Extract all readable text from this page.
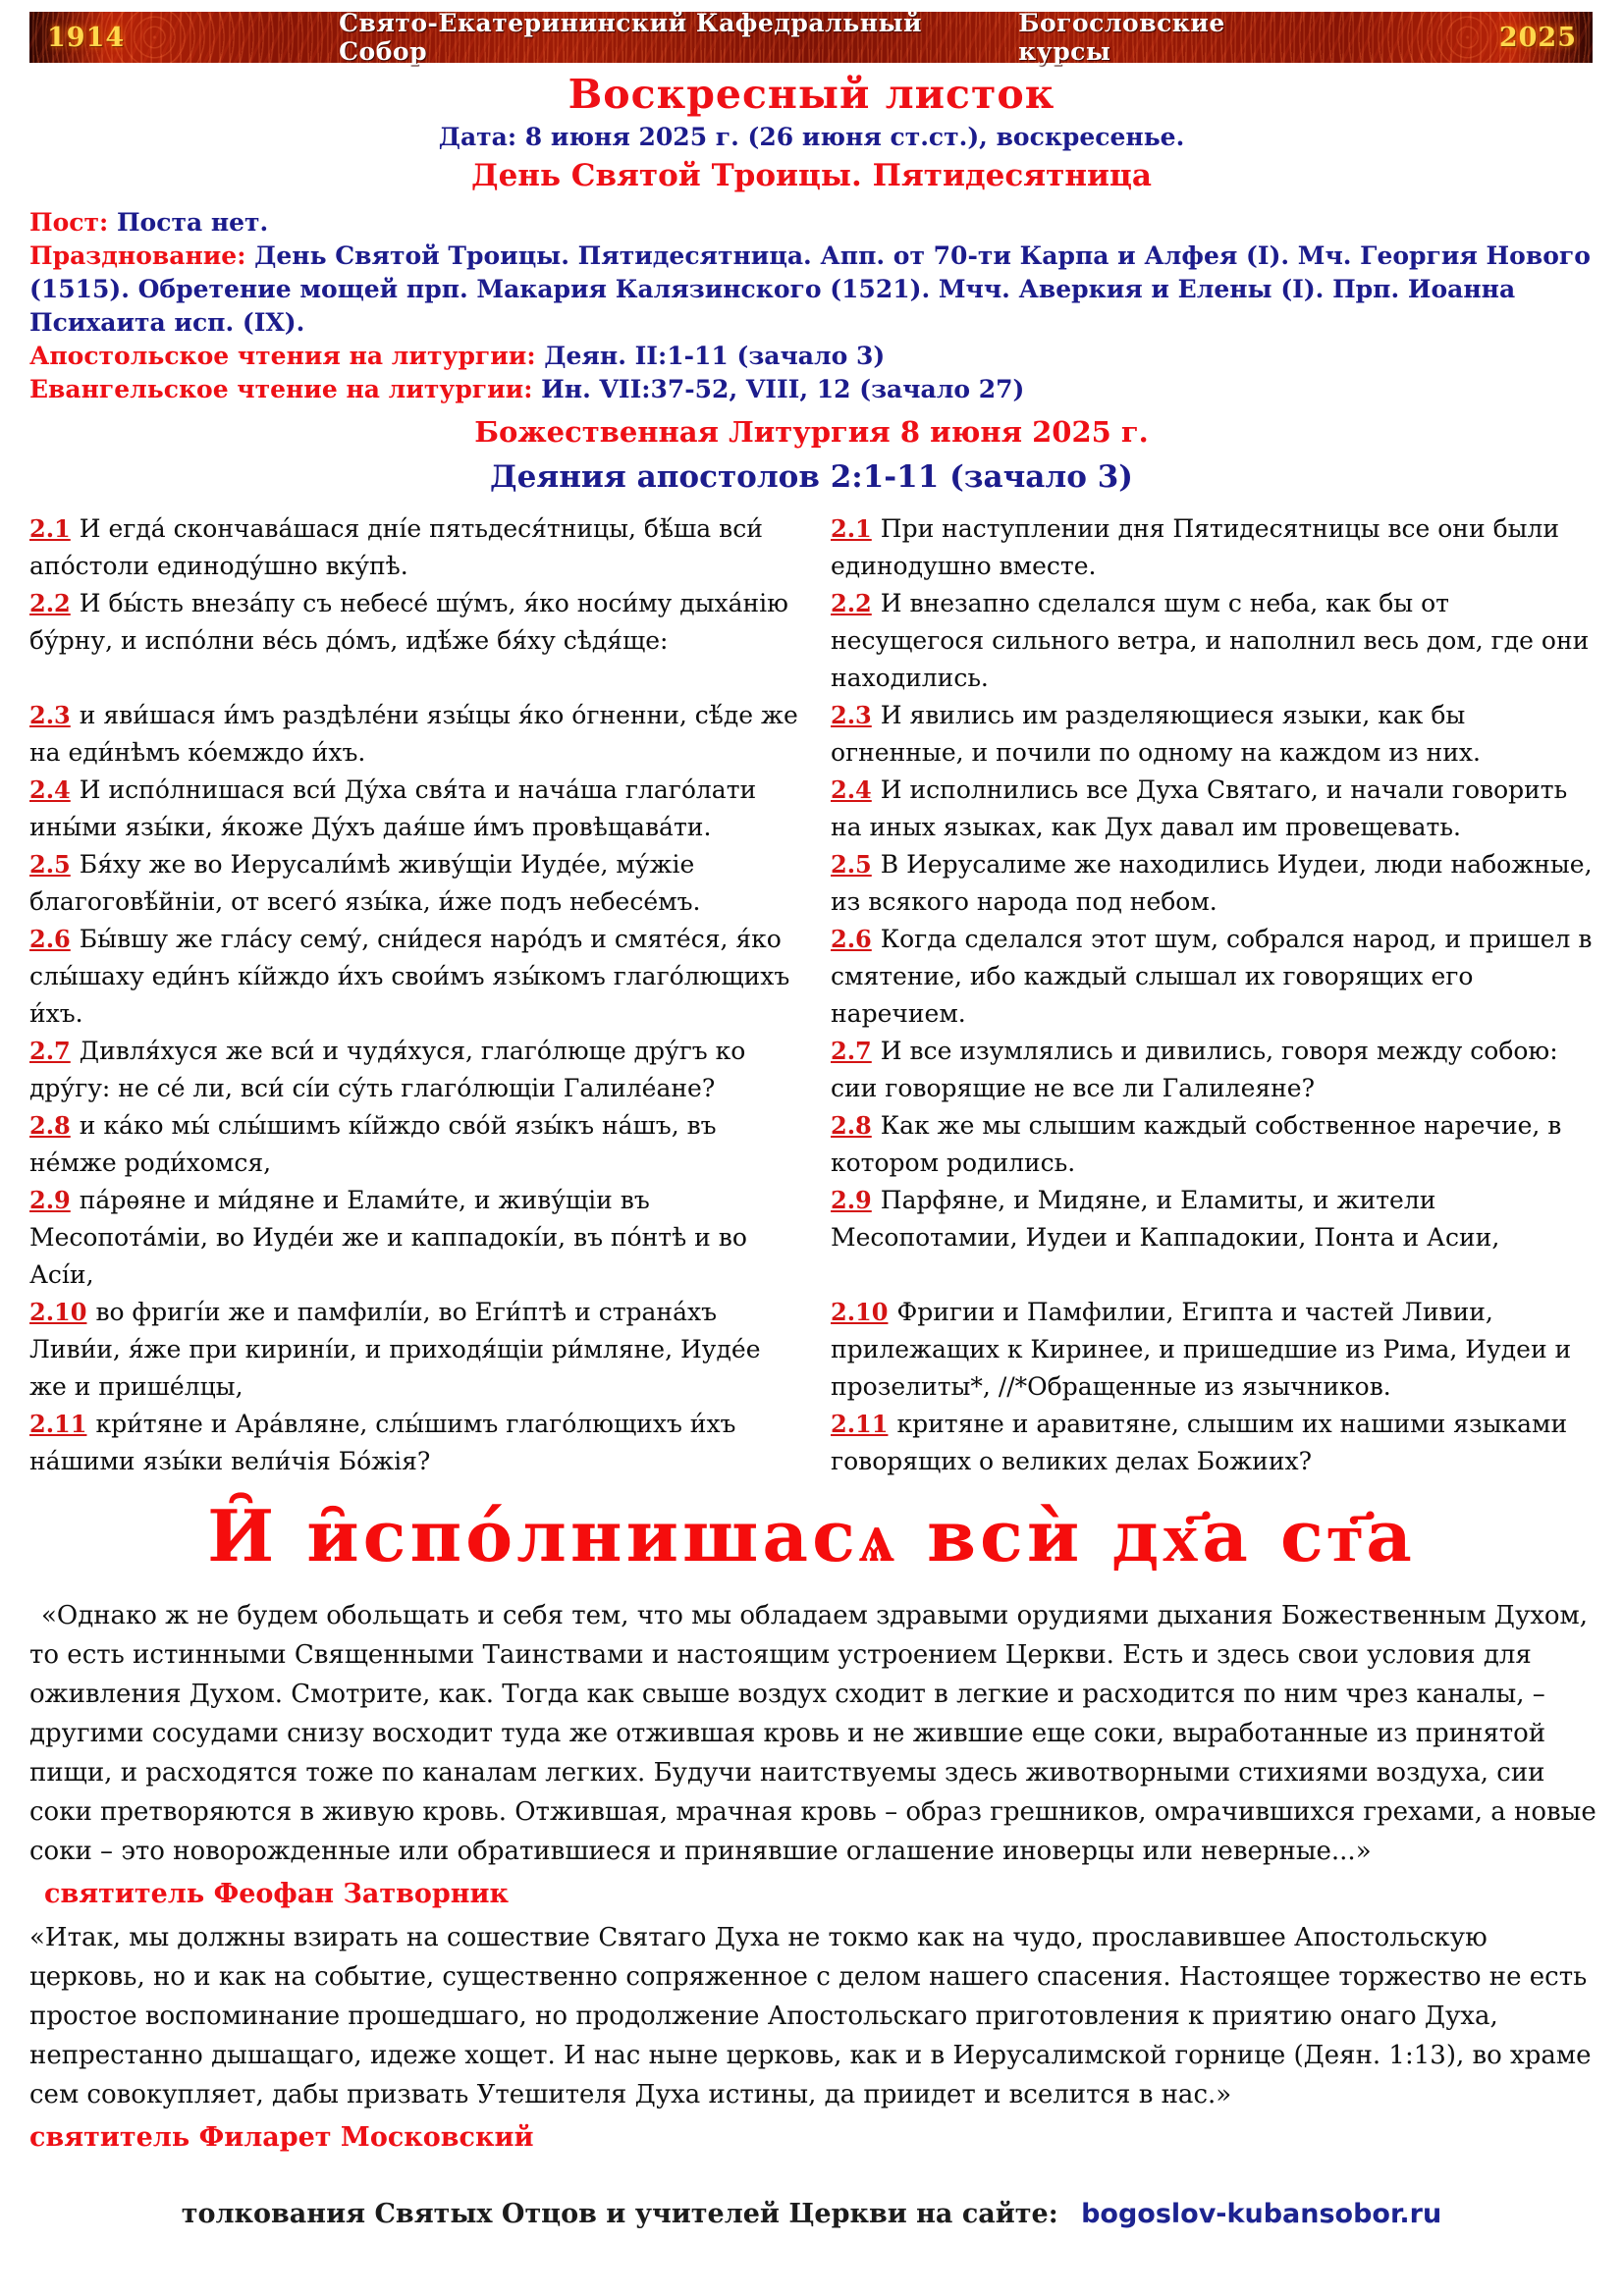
1914	Свято-Екатерининский Кафедральный Собор
Богословские курсы	2025
Воскресный листок
Дата: 8 июня 2025 г. (26 июня ст.ст.), воскресенье.
День Святой Троицы. Пятидесятница

Пост: Поста нет.

Празднование: День Святой Троицы. Пятидесятница. Апп. от 70-ти Карпа и Алфея (I). Мч. Георгия Нового (1515). Обретение мощей прп. Макария Калязинского (1521). Мчч. Аверкия и Елены (I). Прп. Иоанна Психаита исп. (IX).

Апостольское чтения на литургии: Деян. II:1-11 (зачало 3)

Евангельское чтение на литургии: Ин. VII:37-52, VIII, 12 (зачало 27)

Божественная Литургия 8 июня 2025 г.
Деяния апостолов 2:1-11 (зачало 3)

2.1 И егда́ скончава́шася дні́е пятьдеся́тницы, бѣ́ша вси́ апо́столи единоду́шно вку́пѣ.

2.1 При наступлении дня Пятидесятницы все они были единодушно вместе.

2.2 И бы́сть внеза́пу съ небесе́ шу́мъ, я́ко носи́му дыха́нію бу́рну, и испо́лни ве́сь до́мъ, идѣ́же бя́ху сѣдя́ще:

2.2 И внезапно сделался шум с неба, как бы от несущегося сильного ветра, и наполнил весь дом, где они находились.

2.3 и яви́шася и́мъ раздѣле́ни язы́цы я́ко о́гненни, сѣ́де же на еди́нѣмъ ко́емждо и́хъ.

2.3 И явились им разделяющиеся языки, как бы огненные, и почили по одному на каждом из них.

2.4 И испо́лнишася вси́ Ду́ха свя́та и нача́ша глаго́лати ины́ми язы́ки, я́коже Ду́хъ дая́ше и́мъ провѣщава́ти.

2.4 И исполнились все Духа Святаго, и начали говорить на иных языках, как Дух давал им провещевать.

2.5 Бя́ху же во Иерусали́мѣ живу́щіи Иуде́е, му́жіе благоговѣ́йніи, от всего́ язы́ка, и́же подъ небесе́мъ.

2.5 В Иерусалиме же находились Иудеи, люди набожные, из всякого народа под небом.

2.6 Бы́вшу же гла́су сему́, сни́деся наро́дъ и смяте́ся, я́ко слы́шаху еди́нъ кі́йждо и́хъ свои́мъ язы́комъ глаго́лющихъ и́хъ.

2.6 Когда сделался этот шум, собрался народ, и пришел в смятение, ибо каждый слышал их говорящих его наречием.

2.7 Дивля́хуся же вси́ и чудя́хуся, глаго́люще дру́гъ ко дру́гу: не се́ ли, вси́ сі́и су́ть глаго́лющіи Галиле́ане?

2.7 И все изумлялись и дивились, говоря между собою: сии говорящие не все ли Галилеяне?

2.8 и ка́ко мы́ слы́шимъ кі́йждо сво́й язы́къ на́шъ, въ не́мже роди́хомся,

2.8 Как же мы слышим каждый собственное наречие, в котором родились.

2.9 па́рѳяне и ми́дяне и Елами́те, и живу́щіи въ Месопота́міи, во Иуде́и же и каппадокі́и, въ по́нтѣ и во Асі́и,

2.9 Парфяне, и Мидяне, и Еламиты, и жители Месопотамии, Иудеи и Каппадокии, Понта и Асии,

2.10 во фригі́и же и памфилі́и, во Еги́птѣ и страна́хъ Ливи́и, я́же при кирині́и, и приходя́щіи ри́мляне, Иуде́е же и прише́лцы,

2.10 Фригии и Памфилии, Египта и частей Ливии, прилежащих к Киринее, и пришедшие из Рима, Иудеи и прозелиты*, //*Обращенные из язычников.

2.11 кри́тяне и Ара́вляне, слы́шимъ глаго́лющихъ и́хъ на́шими язы́ки вели́чія Бо́жія?

2.11 критяне и аравитяне, слышим их нашими языками говорящих о великих делах Божиих?

И̑ и̑спо́лнишасѧ всѝ дх҃а ст҃а

«Однако ж не будем обольщать и себя тем, что мы обладаем здравыми орудиями дыхания Божественным Духом, то есть истинными Священными Таинствами и настоящим устроением Церкви. Есть и здесь свои условия для оживления Духом. Смотрите, как. Тогда как свыше воздух сходит в легкие и расходится по ним чрез каналы, – другими сосудами снизу восходит туда же отжившая кровь и не жившие еще соки, выработанные из принятой пищи, и расходятся тоже по каналам легких. Будучи наитствуемы здесь животворными стихиями воздуха, сии соки претворяются в живую кровь. Отжившая, мрачная кровь – образ грешников, омрачившихся грехами, а новые соки – это новорожденные или обратившиеся и принявшие оглашение иноверцы или неверные...»

святитель Феофан Затворник

«Итак, мы должны взирать на сошествие Святаго Духа не токмо как на чудо, прославившее Апостольскую церковь, но и как на событие, существенно сопряженное с делом нашего спасения. Настоящее торжество не есть простое воспоминание прошедшаго, но продолжение Апостольскаго приготовления к приятию онаго Духа, непрестанно дышащаго, идеже хощет. И нас ныне церковь, как и в Иерусалимской горнице (Деян. 1:13), во храме сем совокупляет, дабы призвать Утешителя Духа истины, да приидет и вселится в нас.»

святитель Филарет Московский

толкования Святых Отцов и учителей Церкви на сайте: bogoslov-kubansobor.ru
